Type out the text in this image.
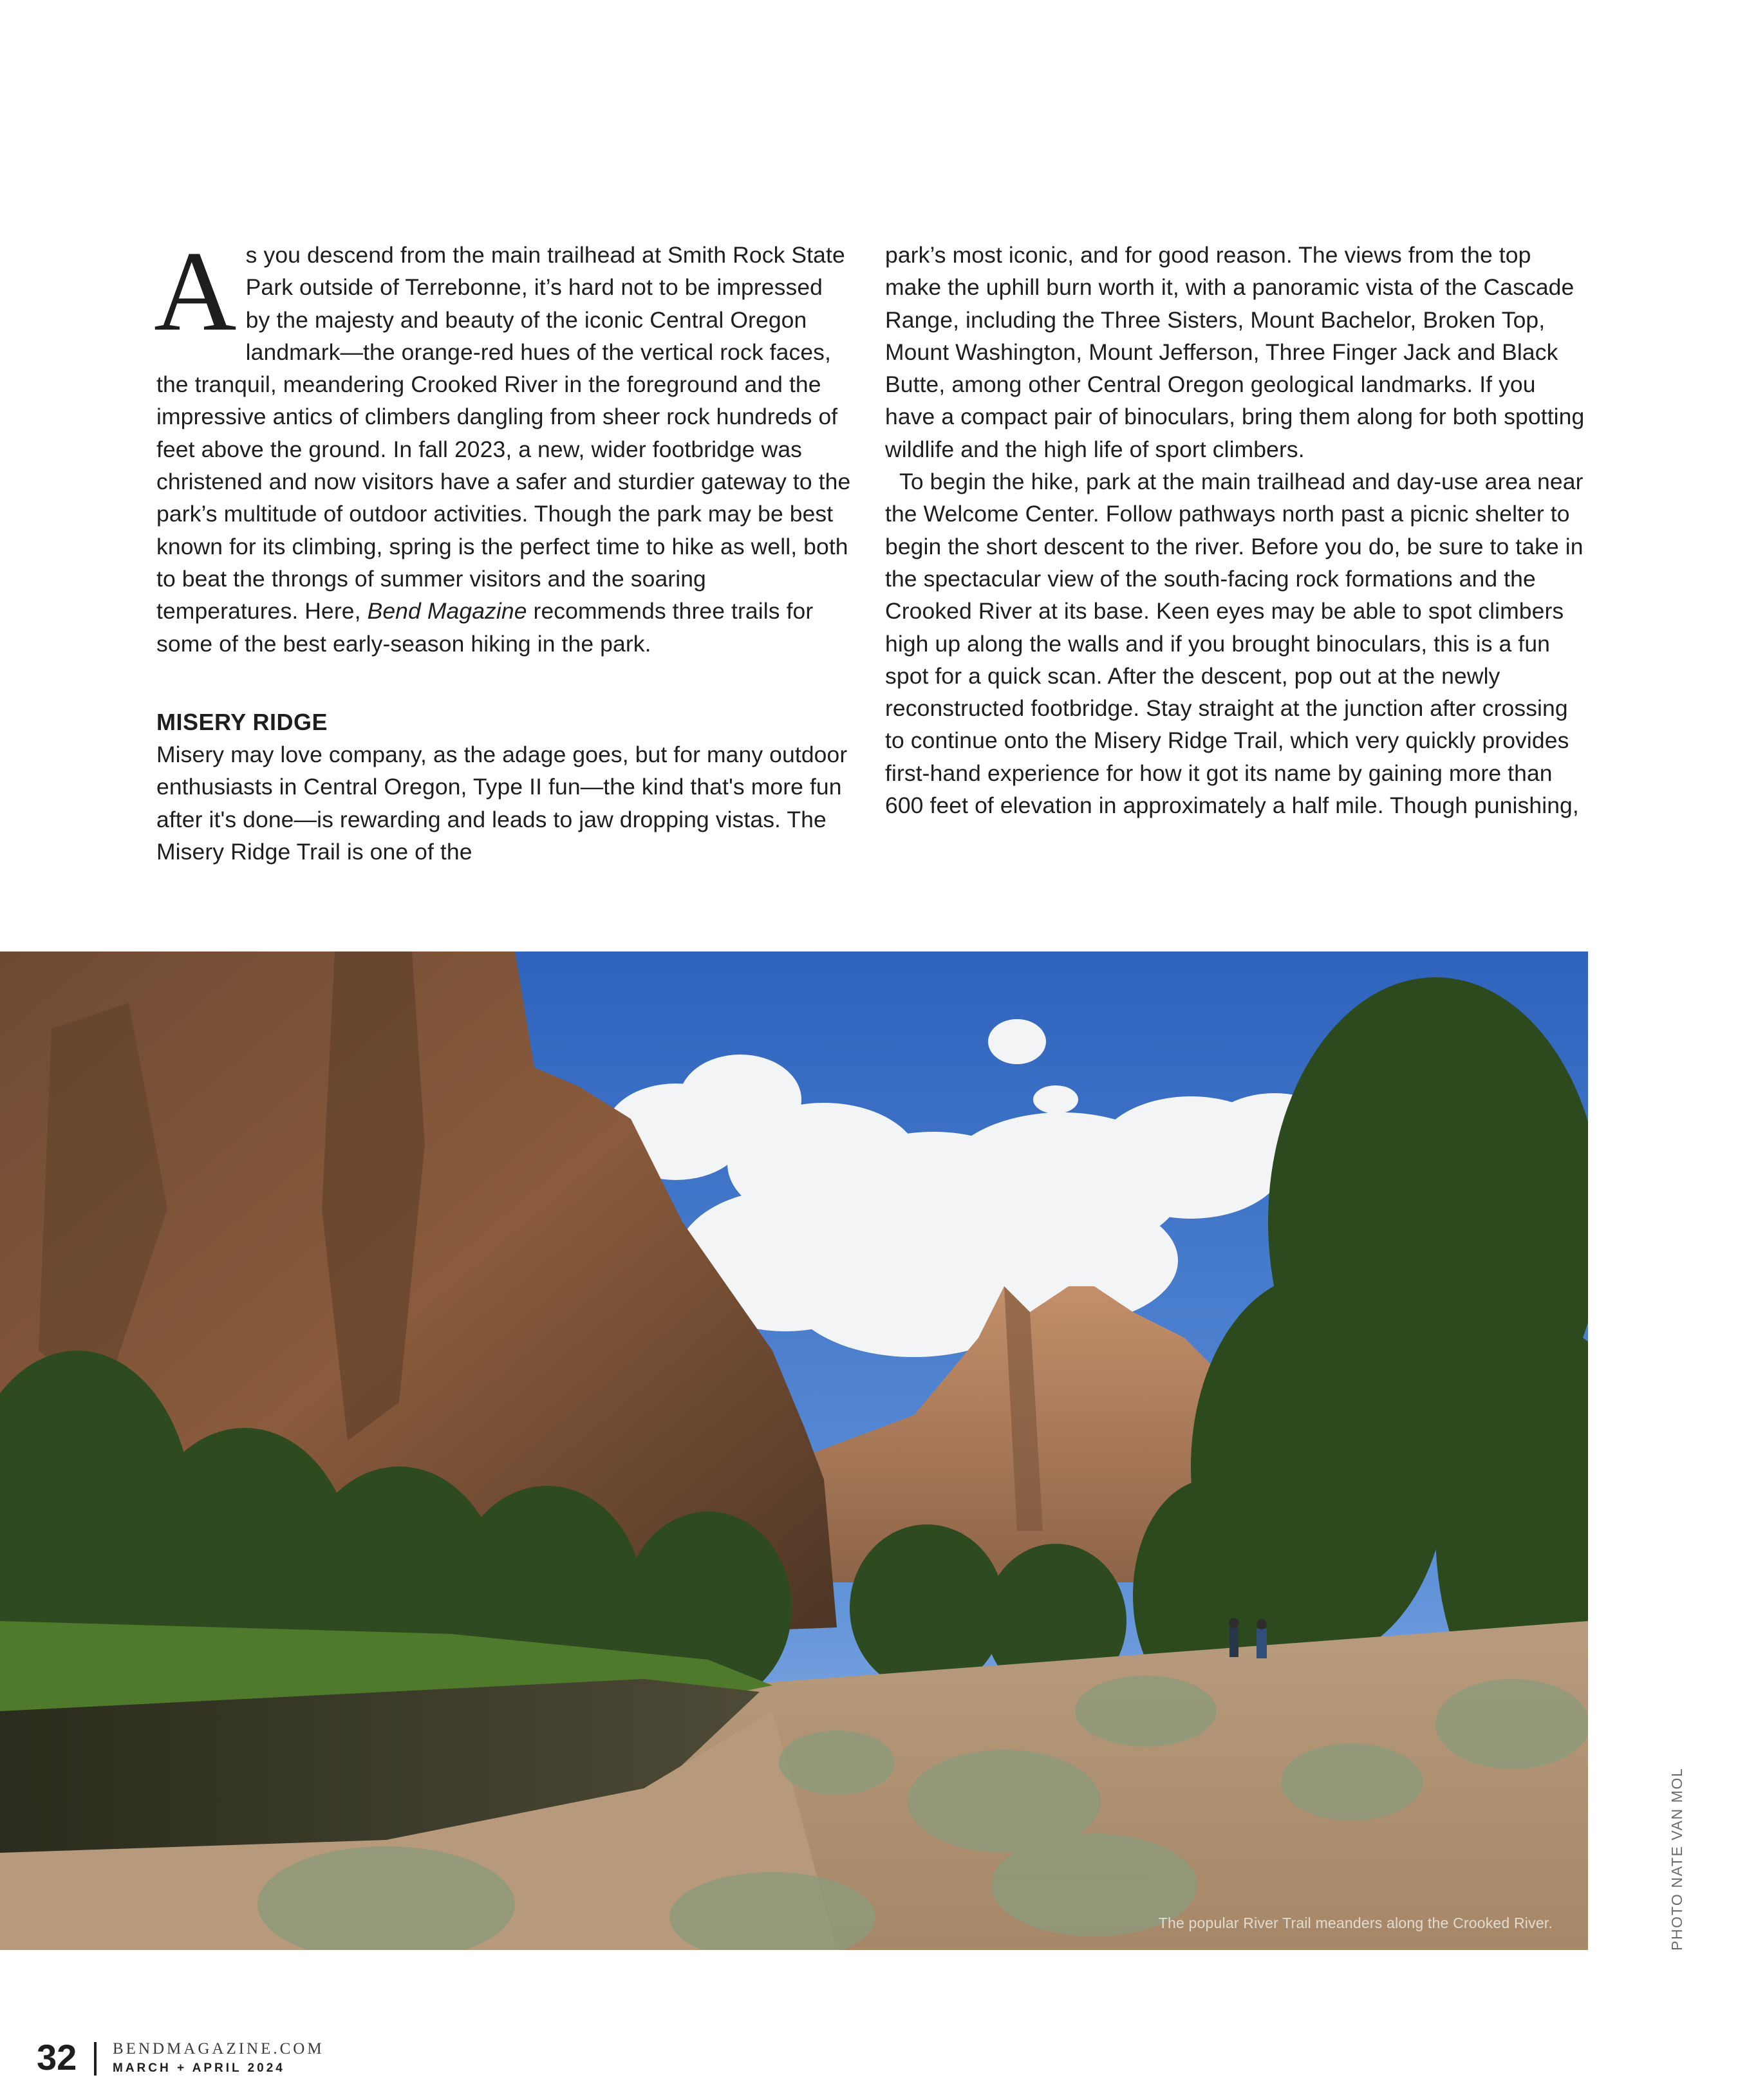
As you descend from the main trailhead at Smith Rock State Park outside of Terrebonne, it’s hard not to be impressed by the majesty and beauty of the iconic Central Oregon landmark—the orange-red hues of the vertical rock faces, the tranquil, meandering Crooked River in the foreground and the impressive antics of climbers dangling from sheer rock hundreds of feet above the ground. In fall 2023, a new, wider footbridge was christened and now visitors have a safer and sturdier gateway to the park’s multitude of outdoor activities. Though the park may be best known for its climbing, spring is the perfect time to hike as well, both to beat the throngs of summer visitors and the soaring temperatures. Here, Bend Magazine recommends three trails for some of the best early-season hiking in the park.

MISERY RIDGE

Misery may love company, as the adage goes, but for many outdoor enthusiasts in Central Oregon, Type II fun—the kind that's more fun after it's done—is rewarding and leads to jaw dropping vistas. The Misery Ridge Trail is one of the

park’s most iconic, and for good reason. The views from the top make the uphill burn worth it, with a panoramic vista of the Cascade Range, including the Three Sisters, Mount Bachelor, Broken Top, Mount Washington, Mount Jefferson, Three Finger Jack and Black Butte, among other Central Oregon geological landmarks. If you have a compact pair of binoculars, bring them along for both spotting wildlife and the high life of sport climbers.

To begin the hike, park at the main trailhead and day-use area near the Welcome Center. Follow pathways north past a picnic shelter to begin the short descent to the river. Before you do, be sure to take in the spectacular view of the south-facing rock formations and the Crooked River at its base. Keen eyes may be able to spot climbers high up along the walls and if you brought binoculars, this is a fun spot for a quick scan. After the descent, pop out at the newly reconstructed footbridge. Stay straight at the junction after crossing to continue onto the Misery Ridge Trail, which very quickly provides first-hand experience for how it got its name by gaining more than 600 feet of elevation in approximately a half mile. Though punishing,

The popular River Trail meanders along the Crooked River.	PHOTO NATE VAN MOL
32 BENDMAGAZINE.COM
MARCH + APRIL 2024
